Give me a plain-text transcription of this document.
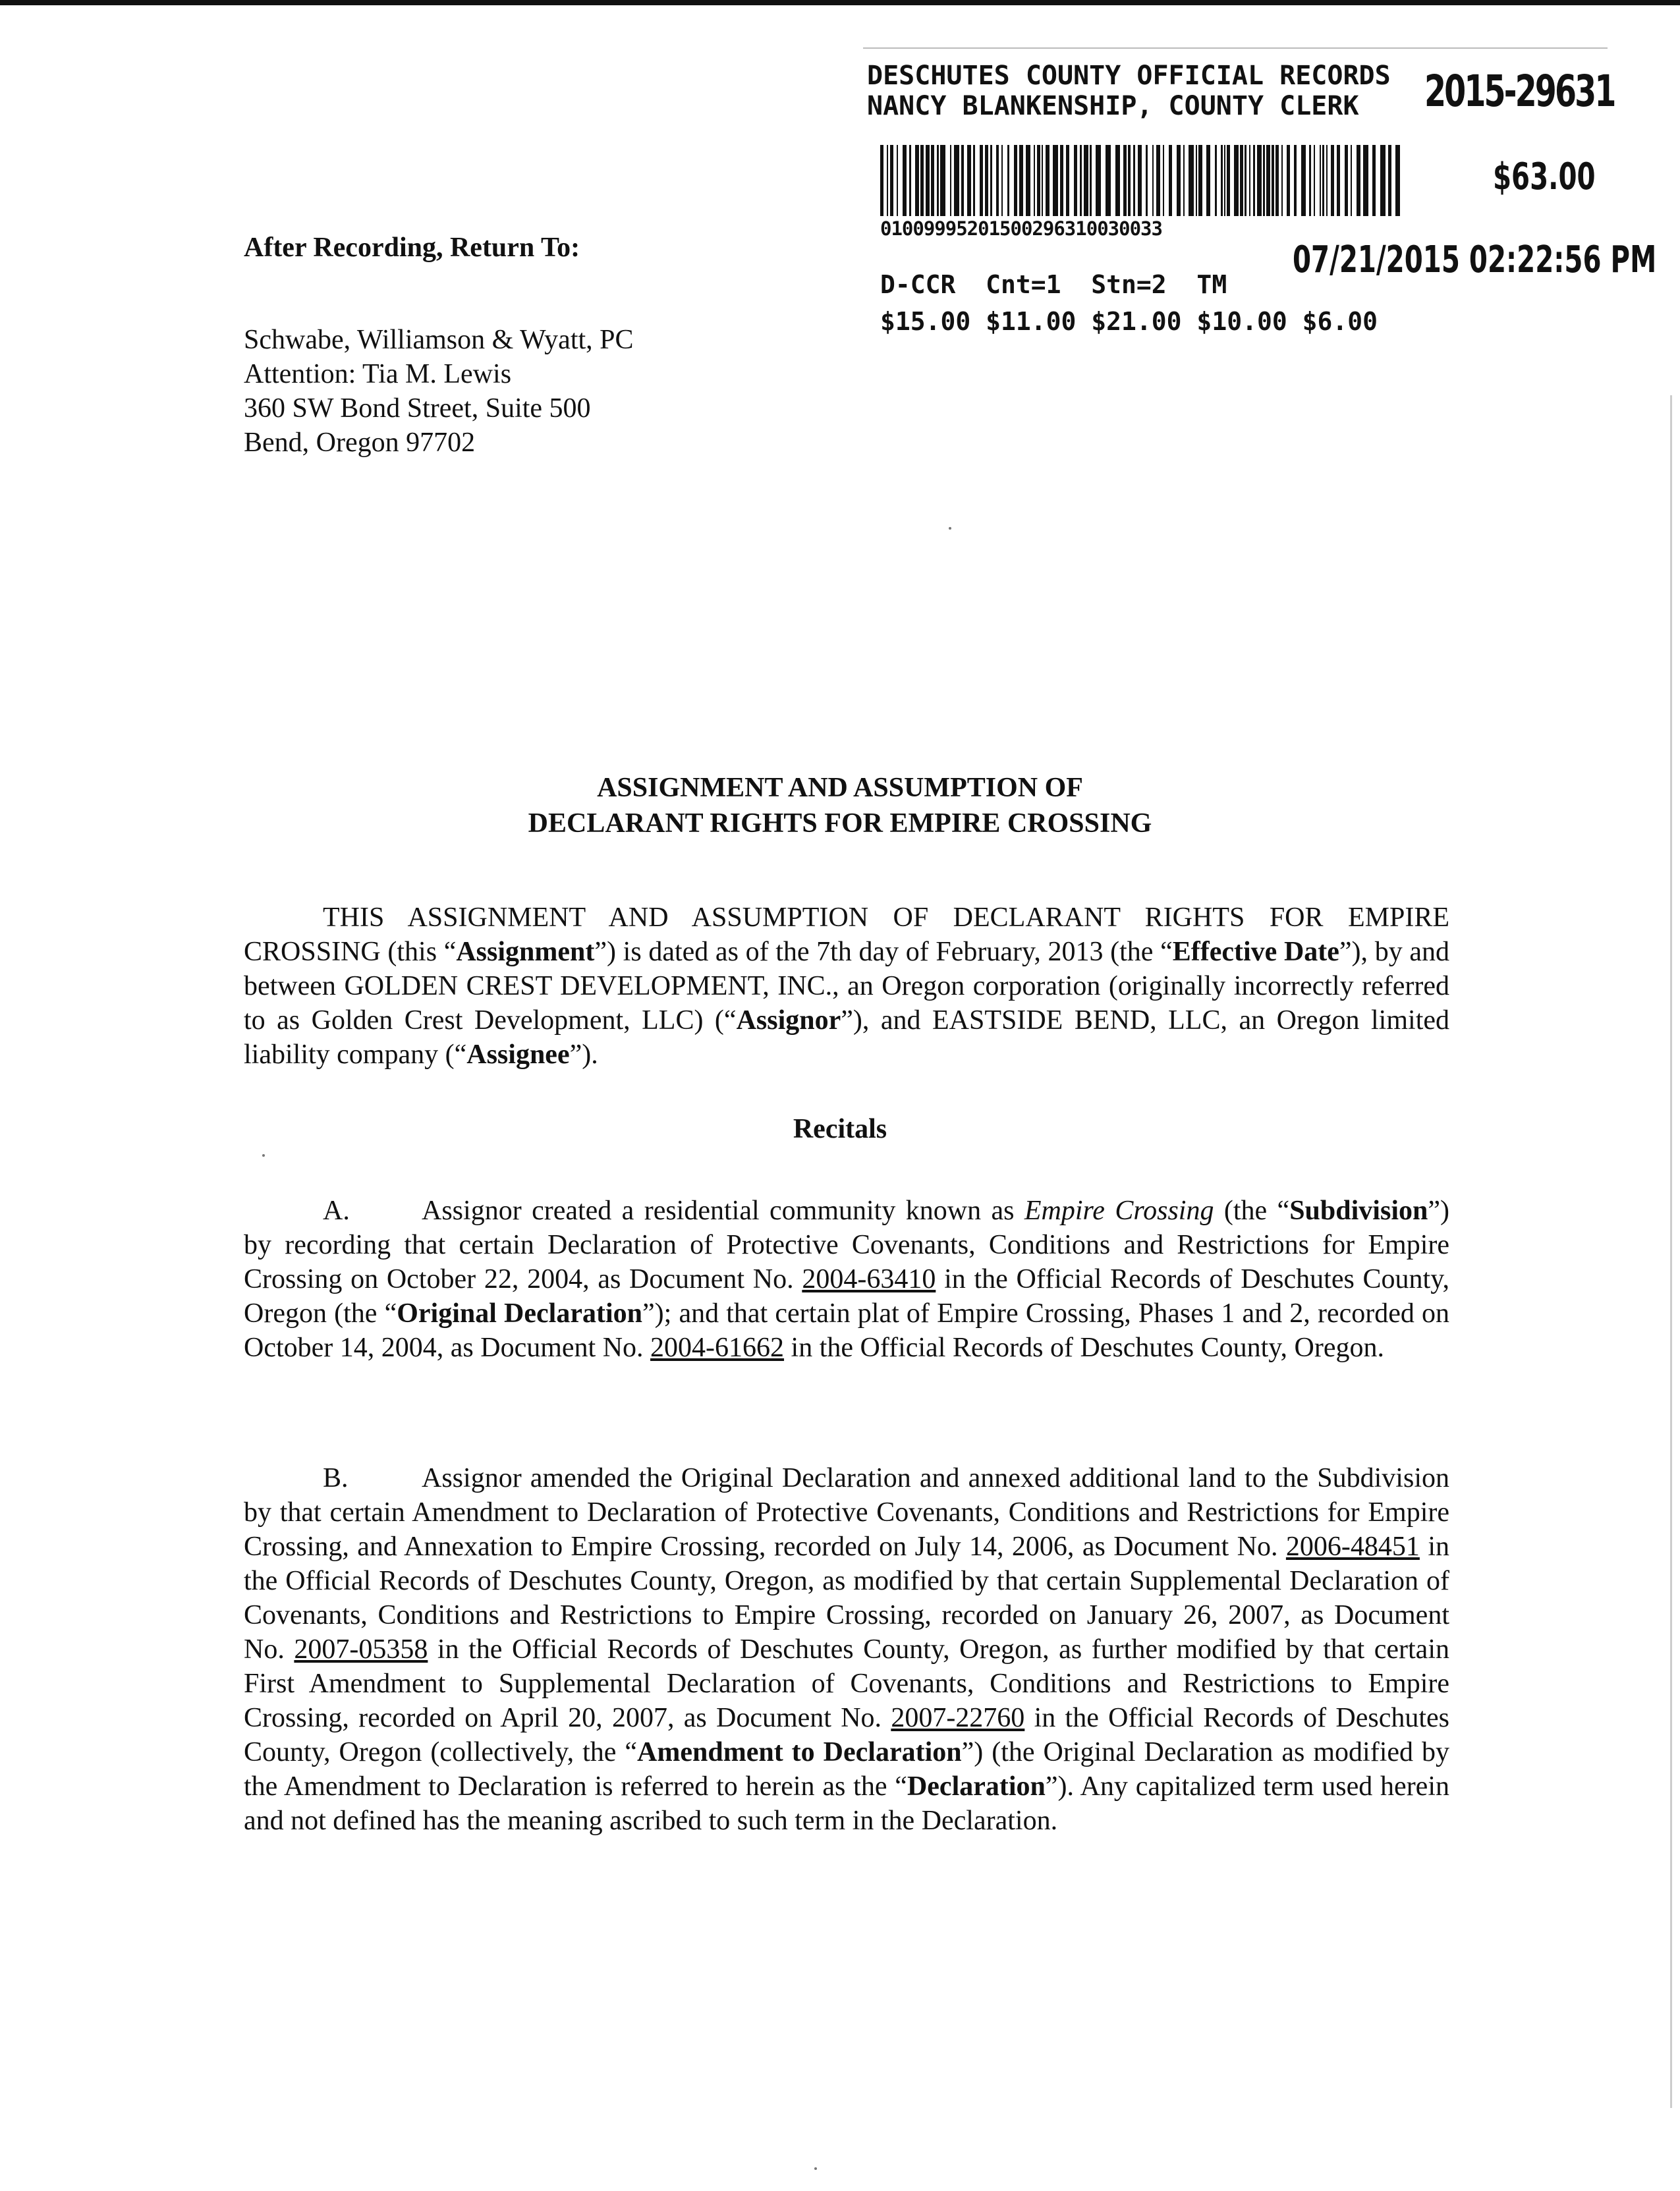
DESCHUTES COUNTY OFFICIAL RECORDS
NANCY BLANKENSHIP, COUNTY CLERK 2015-29631
$63.00
01009995201500296310030033
07/21/2015 02:22:56 PM
D-CCR  Cnt=1  Stn=2  TM
$15.00 $11.00 $21.00 $10.00 $6.00
After Recording, Return To:
Schwabe, Williamson & Wyatt, PC
Attention: Tia M. Lewis
360 SW Bond Street, Suite 500
Bend, Oregon 97702
ASSIGNMENT AND ASSUMPTION OF
DECLARANT RIGHTS FOR EMPIRE CROSSING
THIS ASSIGNMENT AND ASSUMPTION OF DECLARANT RIGHTS FOR EMPIRE CROSSING (this “Assignment”) is dated as of the 7th day of February, 2013 (the “Effective Date”), by and between GOLDEN CREST DEVELOPMENT, INC., an Oregon corporation (originally incorrectly referred to as Golden Crest Development, LLC) (“Assignor”), and EASTSIDE BEND, LLC, an Oregon limited liability company (“Assignee”).
Recitals
A.	Assignor created a residential community known as Empire Crossing (the “Subdivision”) by recording that certain Declaration of Protective Covenants, Conditions and Restrictions for Empire Crossing on October 22, 2004, as Document No. 2004-63410 in the Official Records of Deschutes County, Oregon (the “Original Declaration”); and that certain plat of Empire Crossing, Phases 1 and 2, recorded on October 14, 2004, as Document No. 2004-61662 in the Official Records of Deschutes County, Oregon.
B.	Assignor amended the Original Declaration and annexed additional land to the Subdivision by that certain Amendment to Declaration of Protective Covenants, Conditions and Restrictions for Empire Crossing, and Annexation to Empire Crossing, recorded on July 14, 2006, as Document No. 2006-48451 in the Official Records of Deschutes County, Oregon, as modified by that certain Supplemental Declaration of Covenants, Conditions and Restrictions to Empire Crossing, recorded on January 26, 2007, as Document No. 2007-05358 in the Official Records of Deschutes County, Oregon, as further modified by that certain First Amendment to Supplemental Declaration of Covenants, Conditions and Restrictions to Empire Crossing, recorded on April 20, 2007, as Document No. 2007-22760 in the Official Records of Deschutes County, Oregon (collectively, the “Amendment to Declaration”) (the Original Declaration as modified by the Amendment to Declaration is referred to herein as the “Declaration”). Any capitalized term used herein and not defined has the meaning ascribed to such term in the Declaration.
